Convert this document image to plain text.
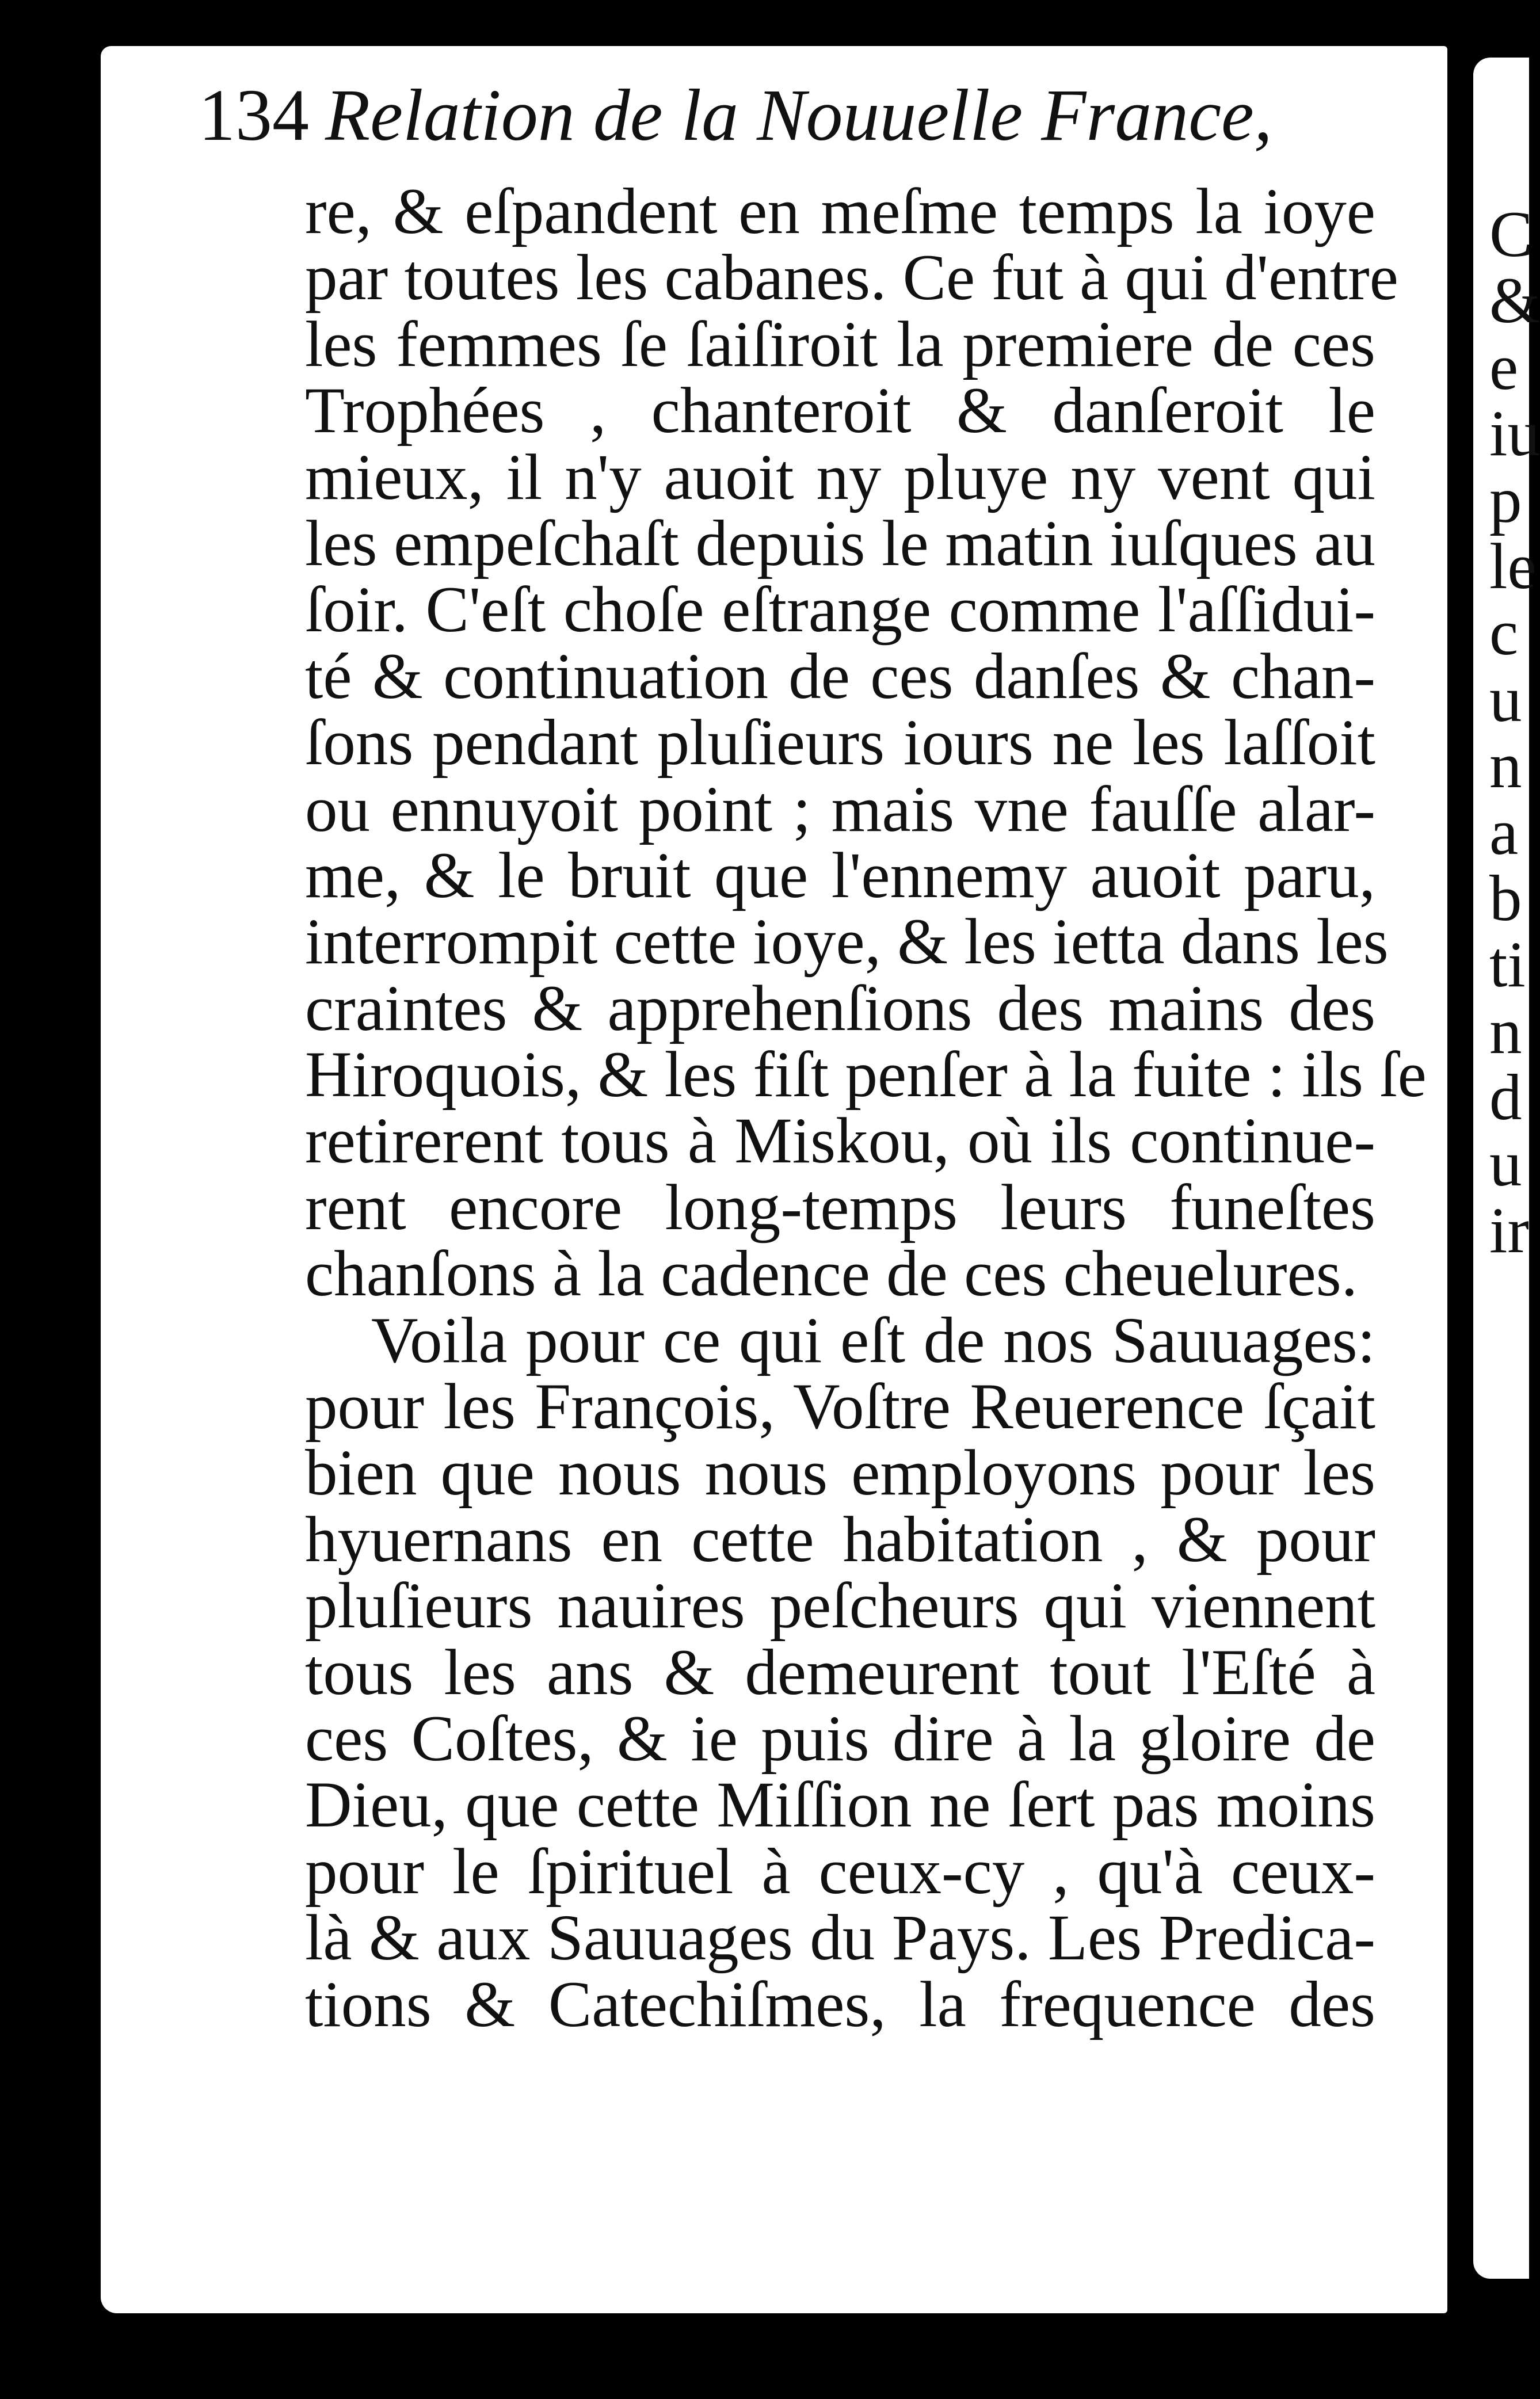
134 Relation de la Nouuelle France,
re, & eſpandent en meſme temps la ioye
par toutes les cabanes. Ce fut à qui d'entre
les femmes ſe ſaiſiroit la premiere de ces
Trophées , chanteroit & danſeroit le
mieux, il n'y auoit ny pluye ny vent qui
les empeſchaſt depuis le matin iuſques au
ſoir. C'eſt choſe eſtrange comme l'aſſidui-
té & continuation de ces danſes & chan-
ſons pendant pluſieurs iours ne les laſſoit
ou ennuyoit point ; mais vne fauſſe alar-
me, & le bruit que l'ennemy auoit paru,
interrompit cette ioye, & les ietta dans les
craintes & apprehenſions des mains des
Hiroquois, & les fiſt penſer à la fuite : ils ſe
retirerent tous à Miskou, où ils continue-
rent encore long-temps leurs funeſtes
chanſons à la cadence de ces cheuelures.
Voila pour ce qui eſt de nos Sauuages:
pour les François, Voſtre Reuerence ſçait
bien que nous nous employons pour les
hyuernans en cette habitation , & pour
pluſieurs nauires peſcheurs qui viennent
tous les ans & demeurent tout l'Eſté à
ces Coſtes, & ie puis dire à la gloire de
Dieu, que cette Miſſion ne ſert pas moins
pour le ſpirituel à ceux-cy , qu'à ceux-
là & aux Sauuages du Pays. Les Predica-
tions & Catechiſmes, la frequence des
C
&
e
iu
p
le
c
u
n
a
b
ti
n
d
u
ir
